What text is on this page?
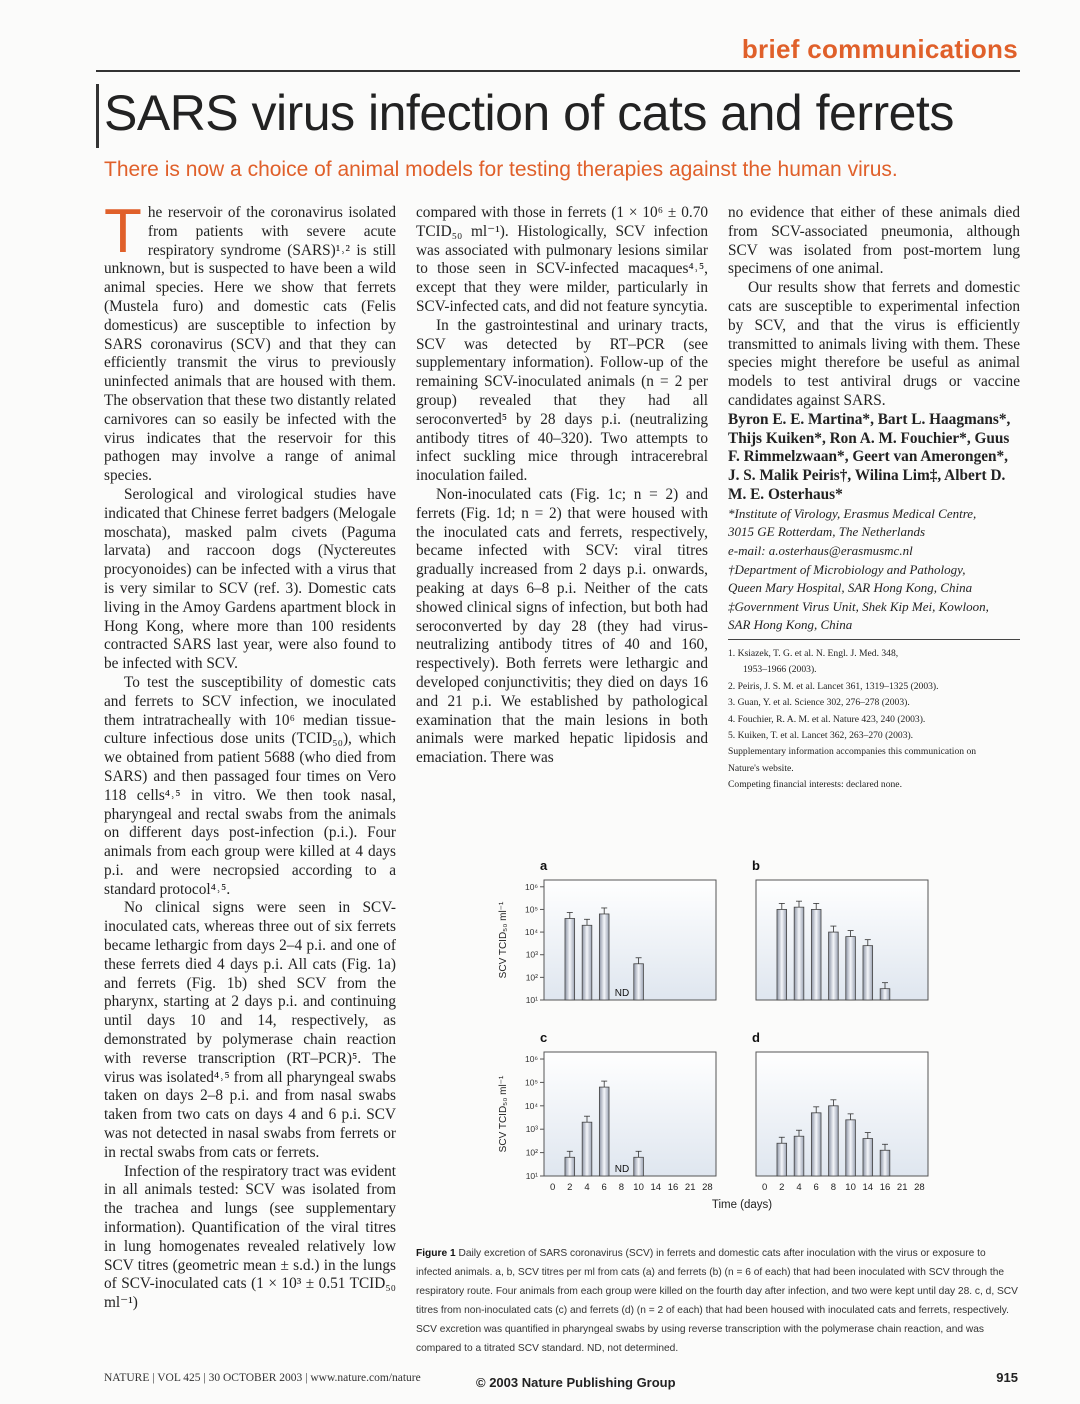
brief communications
SARS virus infection of cats and ferrets
There is now a choice of animal models for testing therapies against the human virus.

The reservoir of the coronavirus isolated from patients with severe acute respiratory syndrome (SARS)¹˒² is still unknown, but is suspected to have been a wild animal species. Here we show that ferrets (Mustela furo) and domestic cats (Felis domesticus) are susceptible to infection by SARS coronavirus (SCV) and that they can efficiently transmit the virus to previously uninfected animals that are housed with them. The observation that these two distantly related carnivores can so easily be infected with the virus indicates that the reservoir for this pathogen may involve a range of animal species.

Serological and virological studies have indicated that Chinese ferret badgers (Melogale moschata), masked palm civets (Paguma larvata) and raccoon dogs (Nyctereutes procyonoides) can be infected with a virus that is very similar to SCV (ref. 3). Domestic cats living in the Amoy Gardens apartment block in Hong Kong, where more than 100 residents contracted SARS last year, were also found to be infected with SCV.

To test the susceptibility of domestic cats and ferrets to SCV infection, we inoculated them intratracheally with 10⁶ median tissue-culture infectious dose units (TCID₅₀), which we obtained from patient 5688 (who died from SARS) and then passaged four times on Vero 118 cells⁴˒⁵ in vitro. We then took nasal, pharyngeal and rectal swabs from the animals on different days post-infection (p.i.). Four animals from each group were killed at 4 days p.i. and were necropsied according to a standard protocol⁴˒⁵.

No clinical signs were seen in SCV-inoculated cats, whereas three out of six ferrets became lethargic from days 2–4 p.i. and one of these ferrets died 4 days p.i. All cats (Fig. 1a) and ferrets (Fig. 1b) shed SCV from the pharynx, starting at 2 days p.i. and continuing until days 10 and 14, respectively, as demonstrated by polymerase chain reaction with reverse transcription (RT–PCR)⁵. The virus was isolated⁴˒⁵ from all pharyngeal swabs taken on days 2–8 p.i. and from nasal swabs taken from two cats on days 4 and 6 p.i. SCV was not detected in nasal swabs from ferrets or in rectal swabs from cats or ferrets.

Infection of the respiratory tract was evident in all animals tested: SCV was isolated from the trachea and lungs (see supplementary information). Quantification of the viral titres in lung homogenates revealed relatively low SCV titres (geometric mean ± s.d.) in the lungs of SCV-inoculated cats (1 × 10³ ± 0.51 TCID₅₀ ml⁻¹)

compared with those in ferrets (1 × 10⁶ ± 0.70 TCID₅₀ ml⁻¹). Histologically, SCV infection was associated with pulmonary lesions similar to those seen in SCV-infected macaques⁴˒⁵, except that they were milder, particularly in SCV-infected cats, and did not feature syncytia.

In the gastrointestinal and urinary tracts, SCV was detected by RT–PCR (see supplementary information). Follow-up of the remaining SCV-inoculated animals (n = 2 per group) revealed that they had all seroconverted⁵ by 28 days p.i. (neutralizing antibody titres of 40–320). Two attempts to infect suckling mice through intracerebral inoculation failed.

Non-inoculated cats (Fig. 1c; n = 2) and ferrets (Fig. 1d; n = 2) that were housed with the inoculated cats and ferrets, respectively, became infected with SCV: viral titres gradually increased from 2 days p.i. onwards, peaking at days 6–8 p.i. Neither of the cats showed clinical signs of infection, but both had seroconverted by day 28 (they had virus-neutralizing antibody titres of 40 and 160, respectively). Both ferrets were lethargic and developed conjunctivitis; they died on days 16 and 21 p.i. We established by pathological examination that the main lesions in both animals were marked hepatic lipidosis and emaciation. There was

no evidence that either of these animals died from SCV-associated pneumonia, although SCV was isolated from post-mortem lung specimens of one animal.

Our results show that ferrets and domestic cats are susceptible to experimental infection by SCV, and that the virus is efficiently transmitted to animals living with them. These species might therefore be useful as animal models to test antiviral drugs or vaccine candidates against SARS.

Byron E. E. Martina*, Bart L. Haagmans*, Thijs Kuiken*, Ron A. M. Fouchier*, Guus F. Rimmelzwaan*, Geert van Amerongen*, J. S. Malik Peiris†, Wilina Lim‡, Albert D. M. E. Osterhaus*

*Institute of Virology, Erasmus Medical Centre,
3015 GE Rotterdam, The Netherlands
e-mail: a.osterhaus@erasmusmc.nl
†Department of Microbiology and Pathology,
Queen Mary Hospital, SAR Hong Kong, China
‡Government Virus Unit, Shek Kip Mei, Kowloon,
SAR Hong Kong, China
1. Ksiazek, T. G. et al. N. Engl. J. Med. 348,
1953–1966 (2003).
2. Peiris, J. S. M. et al. Lancet 361, 1319–1325 (2003).
3. Guan, Y. et al. Science 302, 276–278 (2003).
4. Fouchier, R. A. M. et al. Nature 423, 240 (2003).
5. Kuiken, T. et al. Lancet 362, 263–270 (2003).
Supplementary information accompanies this communication on
Nature's website.
Competing financial interests: declared none.
a
10¹
10²
10³
10⁴
10⁵
10⁶
SCV TCID₅₀ ml⁻¹
ND
b
c
10¹
10²
10³
10⁴
10⁵
10⁶
SCV TCID₅₀ ml⁻¹
ND
0 2 4 6 8 10 14 16 21 28
d
0 2 4 6 8 10 14 16 21 28
Time (days)
Figure 1 Daily excretion of SARS coronavirus (SCV) in ferrets and domestic cats after inoculation with the virus or exposure to infected animals. a, b, SCV titres per ml from cats (a) and ferrets (b) (n = 6 of each) that had been inoculated with SCV through the respiratory route. Four animals from each group were killed on the fourth day after infection, and two were kept until day 28. c, d, SCV titres from non-inoculated cats (c) and ferrets (d) (n = 2 of each) that had been housed with inoculated cats and ferrets, respectively. SCV excretion was quantified in pharyngeal swabs by using reverse transcription with the polymerase chain reaction, and was compared to a titrated SCV standard. ND, not determined.
NATURE | VOL 425 | 30 OCTOBER 2003 | www.nature.com/nature	© 2003 Nature Publishing Group	915
